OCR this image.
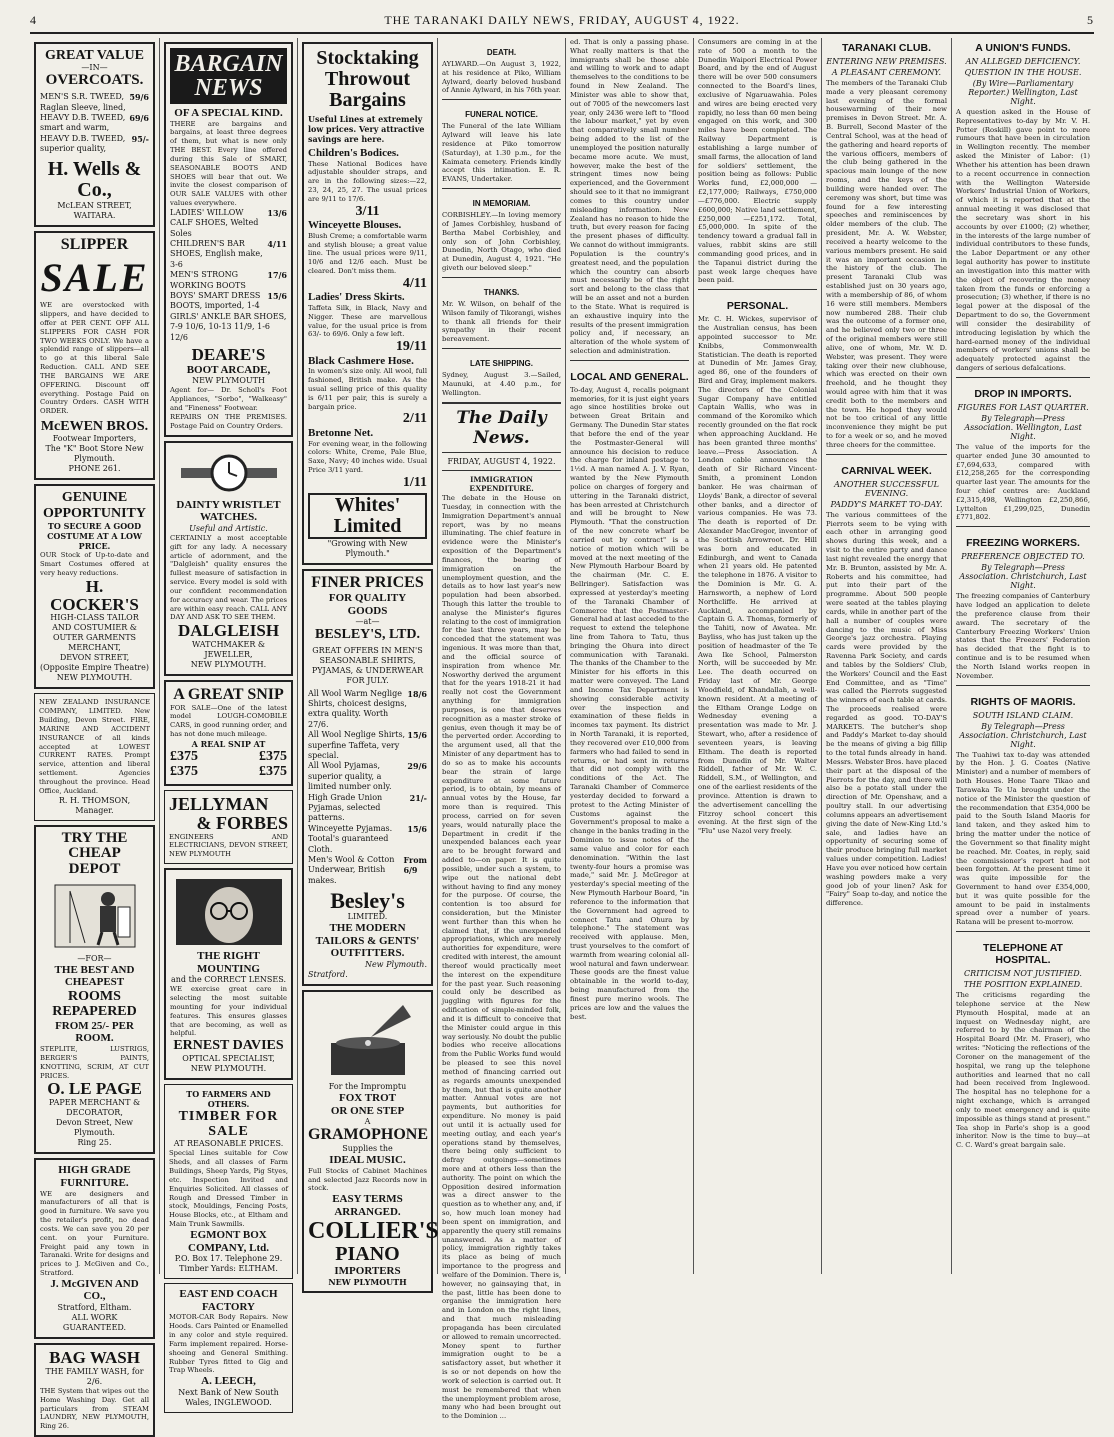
4	THE TARANAKI DAILY NEWS, FRIDAY, AUGUST 4, 1922.	5
GREAT VALUE
—IN—
OVERCOATS.
MEN'S S.R. TWEED, Raglan Sleeve, lined,
59/6
HEAVY D.B. TWEED, smart and warm,
69/6
HEAVY D.B. TWEED, superior quality,
95/-
H. Wells & Co.,
McLEAN STREET,
WAITARA.
SLIPPER
SALE
WE are overstocked with slippers, and have decided to offer at PER CENT. OFF ALL SLIPPERS FOR CASH FOR TWO WEEKS ONLY. We have a splendid range of slippers—all to go at this liberal Sale Reduction. CALL AND SEE THE BARGAINS WE ARE OFFERING. Discount off everything. Postage Paid on Country Orders. CASH WITH ORDER.
McEWEN BROS.
Footwear Importers,
The "K" Boot Store New Plymouth.
PHONE 261.
GENUINE
OPPORTUNITY
TO SECURE A GOOD COSTUME AT A LOW PRICE.
OUR Stock of Up-to-date and Smart Costumes offered at very heavy reductions.
H. COCKER'S
HIGH-CLASS TAILOR AND COSTUMIER & OUTER GARMENTS MERCHANT,
DEVON STREET,
(Opposite Empire Theatre)
NEW PLYMOUTH.
NEW ZEALAND INSURANCE COMPANY, LIMITED. New Building, Devon Street. FIRE, MARINE AND ACCIDENT INSURANCE of all kinds accepted at LOWEST CURRENT RATES. Prompt service, attention and liberal settlement. Agencies throughout the province. Head Office, Auckland.
R. H. THOMSON, Manager.
TRY THE CHEAP
DEPOT
—FOR—
THE BEST AND CHEAPEST
ROOMS REPAPERED
FROM 25/- PER ROOM.
STEPLITE, LUSTRIGS, BERGER'S PAINTS, KNOTTING, SCRIM, AT CUT PRICES.
O. LE PAGE
PAPER MERCHANT & DECORATOR,
Devon Street, New Plymouth.
Ring 25.
HIGH GRADE FURNITURE.
WE are designers and manufacturers of all that is good in furniture. We save you the retailer's profit, no dead costs. We can save you 20 per cent. on your Furniture. Freight paid any town in Taranaki. Write for designs and prices to J. McGiven and Co., Stratford.
J. McGIVEN AND CO.,
Stratford, Eltham.
ALL WORK GUARANTEED.
BAG WASH
THE FAMILY WASH, for 2/6.
THE System that wipes out the Home Washing Day. Get all particulars from STEAM LAUNDRY, NEW PLYMOUTH, Ring 26.
BARGAIN NEWS
OF A SPECIAL KIND.
THERE are bargains and bargains, at least three degrees of them, but what is new only THE BEST. Every line offered during this Sale of SMART, SEASONABLE BOOTS AND SHOES will bear that out. We invite the closest comparison of OUR SALE VALUES with other values everywhere.
LADIES' WILLOW CALF SHOES, Welted Soles
13/6
CHILDREN'S BAR SHOES, English make, 3-6
4/11
MEN'S STRONG WORKING BOOTS
17/6
BOYS' SMART DRESS BOOTS, imported, 1-4
15/6
GIRLS' ANKLE BAR SHOES, 7-9 10/6, 10-13 11/9, 1-6 12/6
DEARE'S
BOOT ARCADE,
NEW PLYMOUTH
Agent for— Dr. Scholl's Foot Appliances, "Sorbo", "Walkeasy" and "Fineness" Footwear.
REPAIRS ON THE PREMISES. Postage Paid on Country Orders.
DAINTY WRISTLET
WATCHES.
Useful and Artistic.
CERTAINLY a most acceptable gift for any lady. A necessary article of adornment, and the "Dalgleish" quality ensures the fullest measure of satisfaction in service. Every model is sold with our confident recommendation for accuracy and wear. The prices are within easy reach. CALL ANY DAY AND ASK TO SEE THEM.
DALGLEISH
WATCHMAKER & JEWELLER,
NEW PLYMOUTH.
A GREAT SNIP
FOR SALE—One of the latest model LOUGH-COMOBILE CARS, in good running order, and has not done much mileage.
A REAL SNIP AT
£375	£375
£375	£375
JELLYMAN
& FORBES
ENGINEERS AND ELECTRICIANS, DEVON STREET, NEW PLYMOUTH
THE RIGHT MOUNTING
and the CORRECT LENSES.
WE exercise great care in selecting the most suitable mounting for your individual features. This ensures glasses that are becoming, as well as helpful.
ERNEST DAVIES
OPTICAL SPECIALIST,
NEW PLYMOUTH.
TO FARMERS AND OTHERS.
TIMBER FOR SALE
AT REASONABLE PRICES.
Special Lines suitable for Cow Sheds, and all classes of Farm Buildings, Sheep Yards, Pig Styes, etc. Inspection Invited and Enquiries Solicited. All classes of Rough and Dressed Timber in stock, Mouldings, Fencing Posts, House Blocks, etc., at Eltham and Main Trunk Sawmills.
EGMONT BOX COMPANY, Ltd.
P.O. Box 17. Telephone 29.
Timber Yards: ELTHAM.
EAST END COACH FACTORY
MOTOR-CAR Body Repairs. New Hoods. Cars Painted or Enamelled in any color and style required. Farm implement repaired. Horse-shoeing and General Smithing. Rubber Tyres fitted to Gig and Trap Wheels.
A. LEECH,
Next Bank of New South Wales, INGLEWOOD.
Stocktaking
Throwout
Bargains
Useful Lines at extremely low prices. Very attractive savings are here.
Children's Bodices.
These National Bodices have adjustable shoulder straps, and are in the following sizes:—22, 23, 24, 25, 27. The usual prices are 9/11 to 17/6.
3/11
Winceyette Blouses.
Blush Creme; a comfortable warm and stylish blouse; a great value line. The usual prices were 9/11, 10/6 and 12/6 each. Must be cleared. Don't miss them.
4/11
Ladies' Dress Skirts.
Taffeta Silk, in Black, Navy and Nigger. These are marvellous value, for the usual price is from 63/- to 69/6. Only a few left.
19/11
Black Cashmere Hose.
In women's size only. All wool, full fashioned, British make. As the usual selling price of this quality is 6/11 per pair, this is surely a bargain price.
2/11
Bretonne Net.
For evening wear, in the following colors: White, Creme, Pale Blue, Saxe, Navy; 40 inches wide. Usual Price 3/11 yard.
1/11
Whites' Limited
"Growing with New Plymouth."
FINER PRICES
FOR QUALITY GOODS
—at—
BESLEY'S, LTD.
GREAT OFFERS IN MEN'S SEASONABLE SHIRTS, PYJAMAS, & UNDERWEAR FOR JULY.
All Wool Warm Neglige Shirts, choicest designs, extra quality. Worth 27/6.
18/6
All Wool Neglige Shirts, superfine Taffeta, very special.
15/6
All Wool Pyjamas, superior quality, a limited number only.
29/6
High Grade Union Pyjamas, selected patterns.
21/-
Winceyette Pyjamas. Tootal's guaranteed Cloth.
15/6
Men's Wool & Cotton Underwear, British makes.
From 6/9
Besley's
LIMITED.
THE MODERN TAILORS & GENTS' OUTFITTERS.
New Plymouth.
Stratford.
For the Impromptu
FOX TROT
OR ONE STEP
A
GRAMOPHONE
Supplies the
IDEAL MUSIC.
Full Stocks of Cabinet Machines and selected Jazz Records now in stock.
EASY TERMS ARRANGED.
COLLIER'S
PIANO
IMPORTERS
NEW PLYMOUTH
DEATH.
AYLWARD.—On August 3, 1922, at his residence at Piko, William Aylward, dearly beloved husband of Annie Aylward, in his 76th year.
FUNERAL NOTICE.
The Funeral of the late William Aylward will leave his late residence at Piko tomorrow (Saturday), at 1.30 p.m., for the Kaimata cemetery. Friends kindly accept this intimation. E. R. EVANS, Undertaker.
IN MEMORIAM.
CORBISHLEY.—In loving memory of James Corbishley, husband of Bertha Mabel Corbishley, and only son of John Corbishley, Dunedin, North Otago, who died at Dunedin, August 4, 1921. "He giveth our beloved sleep."
THANKS.
Mr. W. Wilson, on behalf of the Wilson family of Tikorangi, wishes to thank all friends for their sympathy in their recent bereavement.
LATE SHIPPING.
Sydney, August 3.—Sailed, Maunuki, at 4.40 p.m., for Wellington.
The Daily News.
FRIDAY, AUGUST 4, 1922.
IMMIGRATION EXPENDITURE.
The debate in the House on Tuesday, in connection with the Immigration Department's annual report, was by no means illuminating. The chief feature in evidence were the Minister's exposition of the Department's finances, the bearing of immigration on the unemployment question, and the details as to how last year's new population had been absorbed. Though this latter the trouble to analyse the Minister's figures relating to the cost of immigration for the last three years, may be conceded that the statement was ingenious. It was more than that, and the official source of inspiration from whence Mr. Nosworthy derived the argument that for the years 1918-21 it had really not cost the Government anything for immigration purposes, is one that deserves recognition as a master stroke of genius, even though it may be of the perverted order. According to the argument used, all that the Minister of any department has to do so as to make his accounts bear the strain of large expenditure at some future period, is to obtain, by means of annual votes by the House, far more than is required. This process, carried on for seven years, would naturally place the Department in credit if the unexpended balances each year are to be brought forward and added to—on paper. It is quite possible, under such a system, to wipe out the national debt without having to find any money for the purpose. Of course, the contention is too absurd for consideration, but the Minister went further than this when he claimed that, if the unexpended appropriations, which are merely authorities for expenditure, were credited with interest, the amount thereof would practically meet the interest on the expenditure for the past year. Such reasoning could only be described as juggling with figures for the edification of simple-minded folk, and it is difficult to conceive that the Minister could argue in this way seriously. No doubt the public bodies who receive allocations from the Public Works fund would be pleased to see this novel method of financing carried out as regards amounts unexpended by them, but that is quite another matter. Annual votes are not payments, but authorities for expenditure. No money is paid out until it is actually used for meeting outlay, and each year's operations stand by themselves, there being only sufficient to defray outgoings—sometimes more and at others less than the authority. The point on which the Opposition desired information was a direct answer to the question as to whether any, and, if so, how much loan money had been spent on immigration, and apparently the query still remains unanswered. As a matter of policy, immigration rightly takes its place as being of much importance to the progress and welfare of the Dominion. There is, however, no gainsaying that, in the past, little has been done to organise the immigration here and in London on the right lines, and that much misleading propaganda has been circulated or allowed to remain uncorrected. Money spent to further immigration ought to be a satisfactory asset, but whether it is so or not depends on how the work of selection is carried out. It must be remembered that when the unemployment problem arose, many who had been brought out to the Dominion ...
ed. That is only a passing phase. What really matters is that the immigrants shall be those able and willing to work and to adapt themselves to the conditions to be found in New Zealand. The Minister was able to show that, out of 7005 of the newcomers last year, only 2436 were left to "flood the labour market," yet by even that comparatively small number being added to the list of the unemployed the position naturally became more acute. We must, however, make the best of the stringent times now being experienced, and the Government should see to it that no immigrant comes to this country under misleading information. New Zealand has no reason to hide the truth, but every reason for facing the present phases of difficulty. We cannot do without immigrants. Population is the country's greatest need, and the population which the country can absorb must necessarily be of the right sort and belong to the class that will be an asset and not a burden to the State. What is required is an exhaustive inquiry into the results of the present immigration policy and, if necessary, an alteration of the whole system of selection and administration.
LOCAL AND GENERAL.
To-day, August 4, recalls poignant memories, for it is just eight years ago since hostilities broke out between Great Britain and Germany. The Dunedin Star states that before the end of the year the Postmaster-General will announce his decision to reduce the charge for inland postage to 1½d. A man named A. J. V. Ryan, wanted by the New Plymouth police on charges of forgery and uttering in the Taranaki district, has been arrested at Christchurch and will be brought to New Plymouth. "That the construction of the new concrete wharf be carried out by contract" is a notice of motion which will be moved at the next meeting of the New Plymouth Harbour Board by the chairman (Mr. C. E. Bellringer). Satisfaction was expressed at yesterday's meeting of the Taranaki Chamber of Commerce that the Postmaster-General had at last acceded to the request to extend the telephone line from Tahora to Tatu, thus bringing the Ohura into direct communication with Taranaki. The thanks of the Chamber to the Minister for his efforts in this matter were conveyed. The Land and Income Tax Department is showing considerable activity over the inspection and examination of these fields in incomes tax payment. Its district in North Taranaki, it is reported, they recovered over £10,000 from farmers who had failed to send in returns, or had sent in returns that did not comply with the conditions of the Act. The Taranaki Chamber of Commerce yesterday decided to forward a protest to the Acting Minister of Customs against the Government's proposal to make a change in the banks trading in the Dominion to issue notes of the same value and color for each denomination. "Within the last twenty-four hours a promise was made," said Mr. J. McGregor at yesterday's special meeting of the New Plymouth Harbour Board, "in reference to the information that the Government had agreed to connect Tatu and Ohura by telephone." The statement was received with applause. Men, trust yourselves to the comfort of warmth from wearing colonial all-wool natural and fawn underwear. These goods are the finest value obtainable in the world to-day, being manufactured from the finest pure merino wools. The prices are low and the values the best.
Consumers are coming in at the rate of 500 a month to the Dunedin Waipori Electrical Power Board, and by the end of August there will be over 500 consumers connected to the Board's lines, exclusive of Ngaruawahia. Poles and wires are being erected very rapidly, no less than 60 men being engaged on this work, and 300 miles have been completed. The Railway Department is establishing a large number of small farms, the allocation of land for soldiers' settlement, the position being as follows: Public Works fund, £2,000,000 —£2,177,000; Railways, £750,000 —£776,000. Electric supply £600,000; Native land settlement, £250,000 —£251,172. Total, £5,000,000. In spite of the tendency toward a gradual fall in values, rabbit skins are still commanding good prices, and in the Tapanui district during the past week large cheques have been paid.
PERSONAL.
Mr. C. H. Wickes, supervisor of the Australian census, has been appointed successor to Mr. Knibbs, Commonwealth Statistician. The death is reported at Dunedin of Mr. James Gray, aged 86, one of the founders of Bird and Gray, implement makers. The directors of the Colonial Sugar Company have entitled Captain Wallis, who was in command of the Koromiko which recently grounded on the flat rock when approaching Auckland. He has been granted three months' leave.—Press Association. A London cable announces the death of Sir Richard Vincent-Smith, a prominent London banker. He was chairman of Lloyds' Bank, a director of several other banks, and a director of various companies. He was 73. The death is reported of Dr. Alexander MacGregor, inventor of the Scottish Arrowroot. Dr. Hill was born and educated in Edinburgh, and went to Canada when 21 years old. He patented the telephone in 1876. A visitor to the Dominion is Mr. G. A. Harnsworth, a nephew of Lord Northcliffe. He arrived at Auckland, accompanied by Captain G. A. Thomas, formerly of the Tahiti, now of Awatea. Mr. Bayliss, who has just taken up the position of headmaster of the Te Awa Ike School, Palmerston North, will be succeeded by Mr. Lee. The death occurred on Friday last of Mr. George Woodfield, of Khandallah, a well-known resident. At a meeting of the Eltham Orange Lodge on Wednesday evening a presentation was made to Mr. J. Stewart, who, after a residence of seventeen years, is leaving Eltham. The death is reported from Dunedin of Mr. Walter Riddell, father of Mr. W. C. Riddell, S.M., of Wellington, and one of the earliest residents of the province. Attention is drawn to the advertisement cancelling the Fitzroy school concert this evening. At the first sign of the "Flu" use Nazol very freely.
TARANAKI CLUB.
ENTERING NEW PREMISES.
A PLEASANT CEREMONY.
The members of the Taranaki Club made a very pleasant ceremony last evening of the formal housewarming of their new premises in Devon Street. Mr. A. B. Burrell, Second Master of the Central School, was at the head of the gathering and heard reports of the various officers, members of the club being gathered in the spacious main lounge of the new rooms, and the keys of the building were handed over. The ceremony was short, but time was found for a few interesting speeches and reminiscences by older members of the club. The president, Mr. A. W. Webster, received a hearty welcome to the various members present. He said it was an important occasion in the history of the club. The present Taranaki Club was established just on 30 years ago, with a membership of 86, of whom 16 were still members. Members now numbered 288. Their club was the outcome of a former one, and he believed only two or three of the original members were still alive, one of whom, Mr. W. D. Webster, was present. They were taking over their new clubhouse, which was erected on their own freehold, and he thought they would agree with him that it was credit both to the members and the town. He hoped they would not be too critical of any little inconvenience they might be put to for a week or so, and he moved three cheers for the committee.
CARNIVAL WEEK.
ANOTHER SUCCESSFUL EVENING.
PADDY'S MARKET TO-DAY.
The various committees of the Pierrots seem to be vying with each other in arranging good shows during this week, and a visit to the entire party and dance last night revealed the energy that Mr. B. Brunton, assisted by Mr. A. Roberts and his committee, had put into their part of the programme. About 500 people were seated at the tables playing cards, while in another part of the hall a number of couples were dancing to the music of Miss George's jazz orchestra. Playing cards were provided by the Ravenna Park Society, and cards and tables by the Soldiers' Club, the Workers' Council and the East End Committee, and as "Time" was called the Pierrots suggested the winners of each table at cards. The proceeds realised were regarded as good. TO-DAY'S MARKETS. The butcher's shop and Paddy's Market to-day should be the means of giving a big fillip to the total funds already in hand. Messrs. Webster Bros. have placed their part at the disposal of the Pierrots for the day, and there will also be a potato stall under the direction of Mr. Openshaw, and a poultry stall. In our advertising columns appears an advertisement giving the date of New-King Ltd.'s sale, and ladies have an opportunity of securing some of their produce bringing full market values under competition. Ladies! Have you ever noticed how certain washing powders make a very good job of your linen? Ask for "Fairy" Soap to-day, and notice the difference.
A UNION'S FUNDS.
AN ALLEGED DEFICIENCY.
QUESTION IN THE HOUSE.
(By Wire—Parliamentary Reporter.) Wellington, Last Night.
A question asked in the House of Representatives to-day by Mr. V. H. Potter (Roskill) gave point to more rumours that have been in circulation in Wellington recently. The member asked the Minister of Labor: (1) Whether his attention has been drawn to a recent occurrence in connection with the Wellington Waterside Workers' Industrial Union of Workers, of which it is reported that at the annual meeting it was disclosed that the secretary was short in his accounts by over £1000; (2) whether, in the interests of the large number of individual contributors to these funds, the Labor Department or any other legal authority has power to institute an investigation into this matter with the object of recovering the money taken from the funds or enforcing a prosecution; (3) whether, if there is no legal power at the disposal of the Department to do so, the Government will consider the desirability of introducing legislation by which the hard-earned money of the individual members of workers' unions shall be adequately protected against the dangers of serious defalcations.
DROP IN IMPORTS.
FIGURES FOR LAST QUARTER.
By Telegraph—Press Association. Wellington, Last Night.
The value of the imports for the quarter ended June 30 amounted to £7,694,633, compared with £12,258,265 for the corresponding quarter last year. The amounts for the four chief centres are: Auckland £2,315,498, Wellington £2,250,866, Lyttelton £1,299,025, Dunedin £771,802.
FREEZING WORKERS.
PREFERENCE OBJECTED TO.
By Telegraph—Press Association. Christchurch, Last Night.
The freezing companies of Canterbury have lodged an application to delete the preference clause from their award. The secretary of the Canterbury Freezing Workers' Union states that the Freezers' Federation has decided that the fight is to continue and is to be resumed when the North Island works reopen in November.
RIGHTS OF MAORIS.
SOUTH ISLAND CLAIM.
By Telegraph—Press Association. Christchurch, Last Night.
The Tuahiwi tax to-day was attended by the Hon. J. G. Coates (Native Minister) and a number of members of both Houses. Hone Taare Tikao and Tarawaka Te Ua brought under the notice of the Minister the question of the recommendation that £354,000 be paid to the South Island Maoris for land taken, and they asked him to bring the matter under the notice of the Government so that finality might be reached. Mr. Coates, in reply, said the commissioner's report had not been forgotten. At the present time it was quite impossible for the Government to hand over £354,000, but it was quite possible for the amount to be paid in instalments spread over a number of years. Ratana will be present to-morrow.
TELEPHONE AT HOSPITAL.
CRITICISM NOT JUSTIFIED.
THE POSITION EXPLAINED.
The criticisms regarding the telephone service at the New Plymouth Hospital, made at an inquest on Wednesday night, are referred to by the chairman of the Hospital Board (Mr. M. Fraser), who writes: "Noticing the reflections of the Coroner on the management of the hospital, we rang up the telephone authorities and learned that no call had been received from Inglewood. The hospital has no telephone for a night exchange, which is arranged only to meet emergency and is quite impossible as things stand at present." Tea shop in Parle's shop is a good inheritor. Now is the time to buy—at C. C. Ward's great bargain sale.
